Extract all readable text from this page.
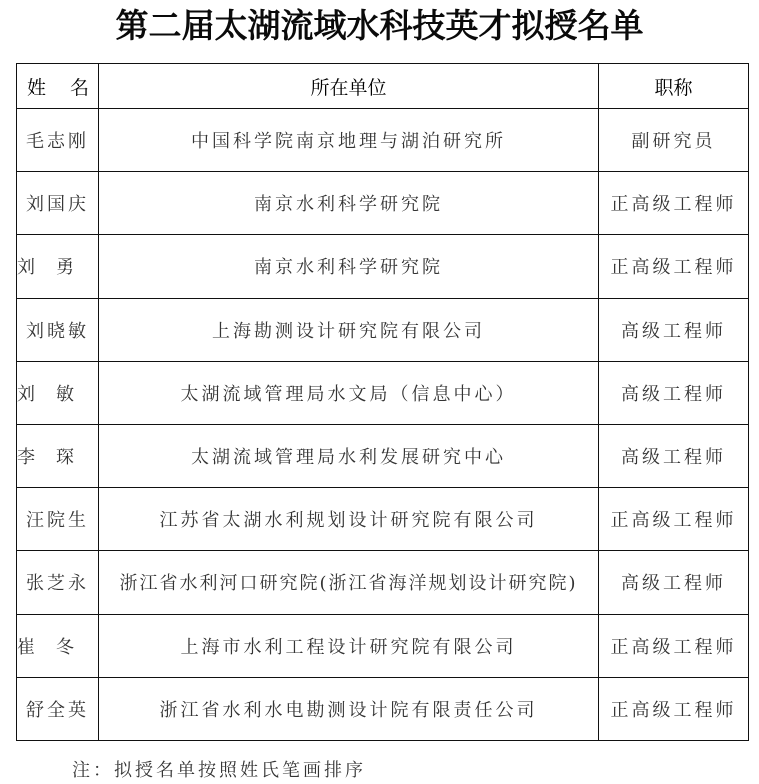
第二届太湖流域水科技英才拟授名单
姓 名	所在单位	职称
毛志刚	中国科学院南京地理与湖泊研究所	副研究员
刘国庆	南京水利科学研究院	正高级工程师

刘 勇	南京水利科学研究院	正高级工程师
刘晓敏	上海勘测设计研究院有限公司	高级工程师

刘 敏	太湖流域管理局水文局（信息中心）	高级工程师

李 琛	太湖流域管理局水利发展研究中心	高级工程师
汪院生	江苏省太湖水利规划设计研究院有限公司	正高级工程师
张芝永	浙江省水利河口研究院(浙江省海洋规划设计研究院)	高级工程师

崔 冬	上海市水利工程设计研究院有限公司	正高级工程师
舒全英	浙江省水利水电勘测设计院有限责任公司	正高级工程师
注：拟授名单按照姓氏笔画排序
